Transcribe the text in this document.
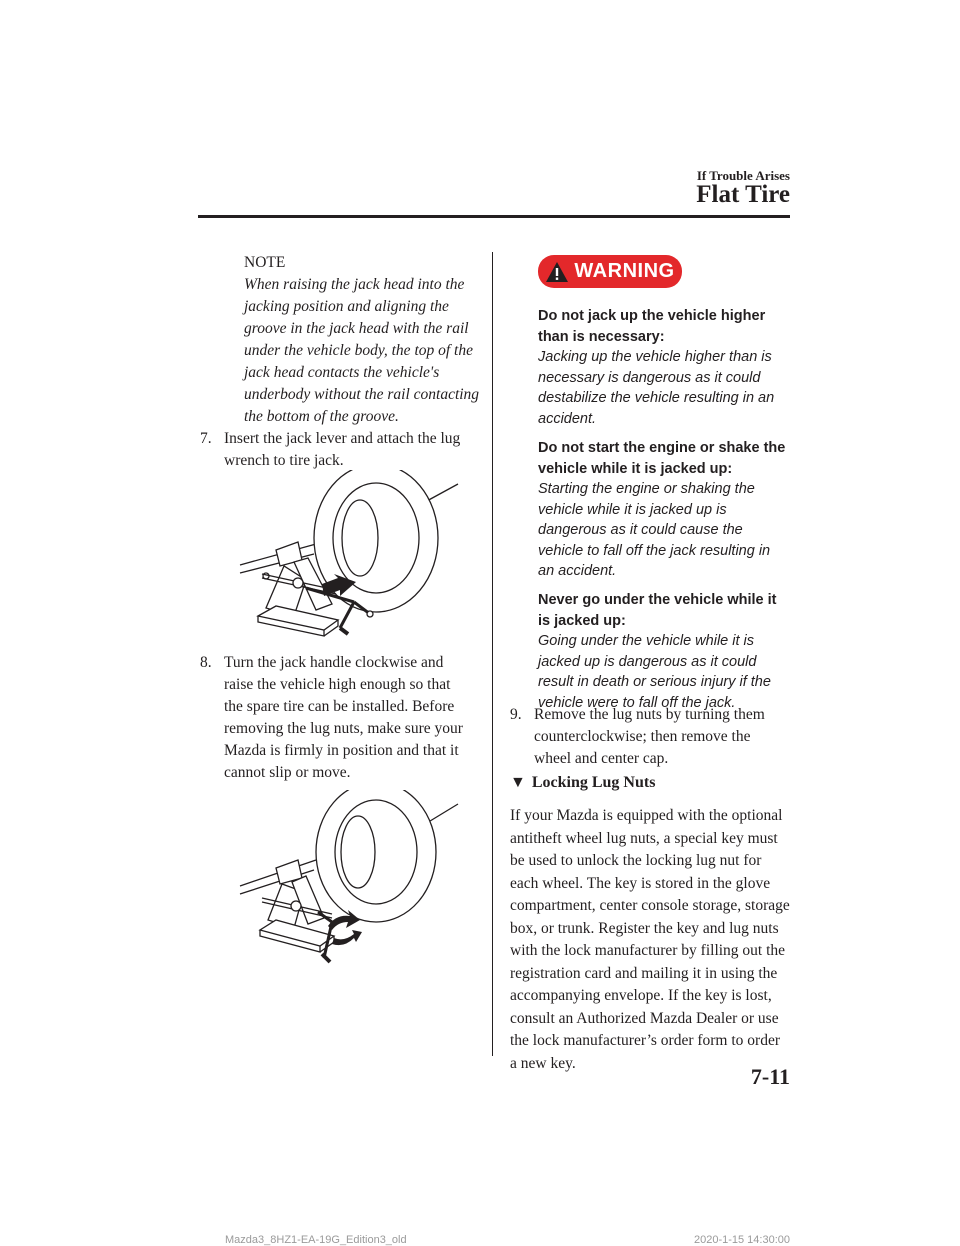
If Trouble Arises
Flat Tire
NOTE
When raising the jack head into the jacking position and aligning the groove in the jack head with the rail under the vehicle body, the top of the jack head contacts the vehicle's underbody without the rail contacting the bottom of the groove.
7. Insert the jack lever and attach the lug wrench to tire jack.
8. Turn the jack handle clockwise and raise the vehicle high enough so that the spare tire can be installed. Before removing the lug nuts, make sure your Mazda is firmly in position and that it cannot slip or move.
WARNING
Do not jack up the vehicle higher than is necessary:
Jacking up the vehicle higher than is necessary is dangerous as it could destabilize the vehicle resulting in an accident.
Do not start the engine or shake the vehicle while it is jacked up:
Starting the engine or shaking the vehicle while it is jacked up is dangerous as it could cause the vehicle to fall off the jack resulting in an accident.
Never go under the vehicle while it is jacked up:
Going under the vehicle while it is jacked up is dangerous as it could result in death or serious injury if the vehicle were to fall off the jack.
9. Remove the lug nuts by turning them counterclockwise; then remove the wheel and center cap.
▼ Locking Lug Nuts
If your Mazda is equipped with the optional antitheft wheel lug nuts, a special key must be used to unlock the locking lug nut for each wheel. The key is stored in the glove compartment, center console storage, storage box, or trunk. Register the key and lug nuts with the lock manufacturer by filling out the registration card and mailing it in using the accompanying envelope. If the key is lost, consult an Authorized Mazda Dealer or use the lock manufacturer’s order form to order a new key.
7-11
Mazda3_8HZ1-EA-19G_Edition3_old	2020-1-15 14:30:00
